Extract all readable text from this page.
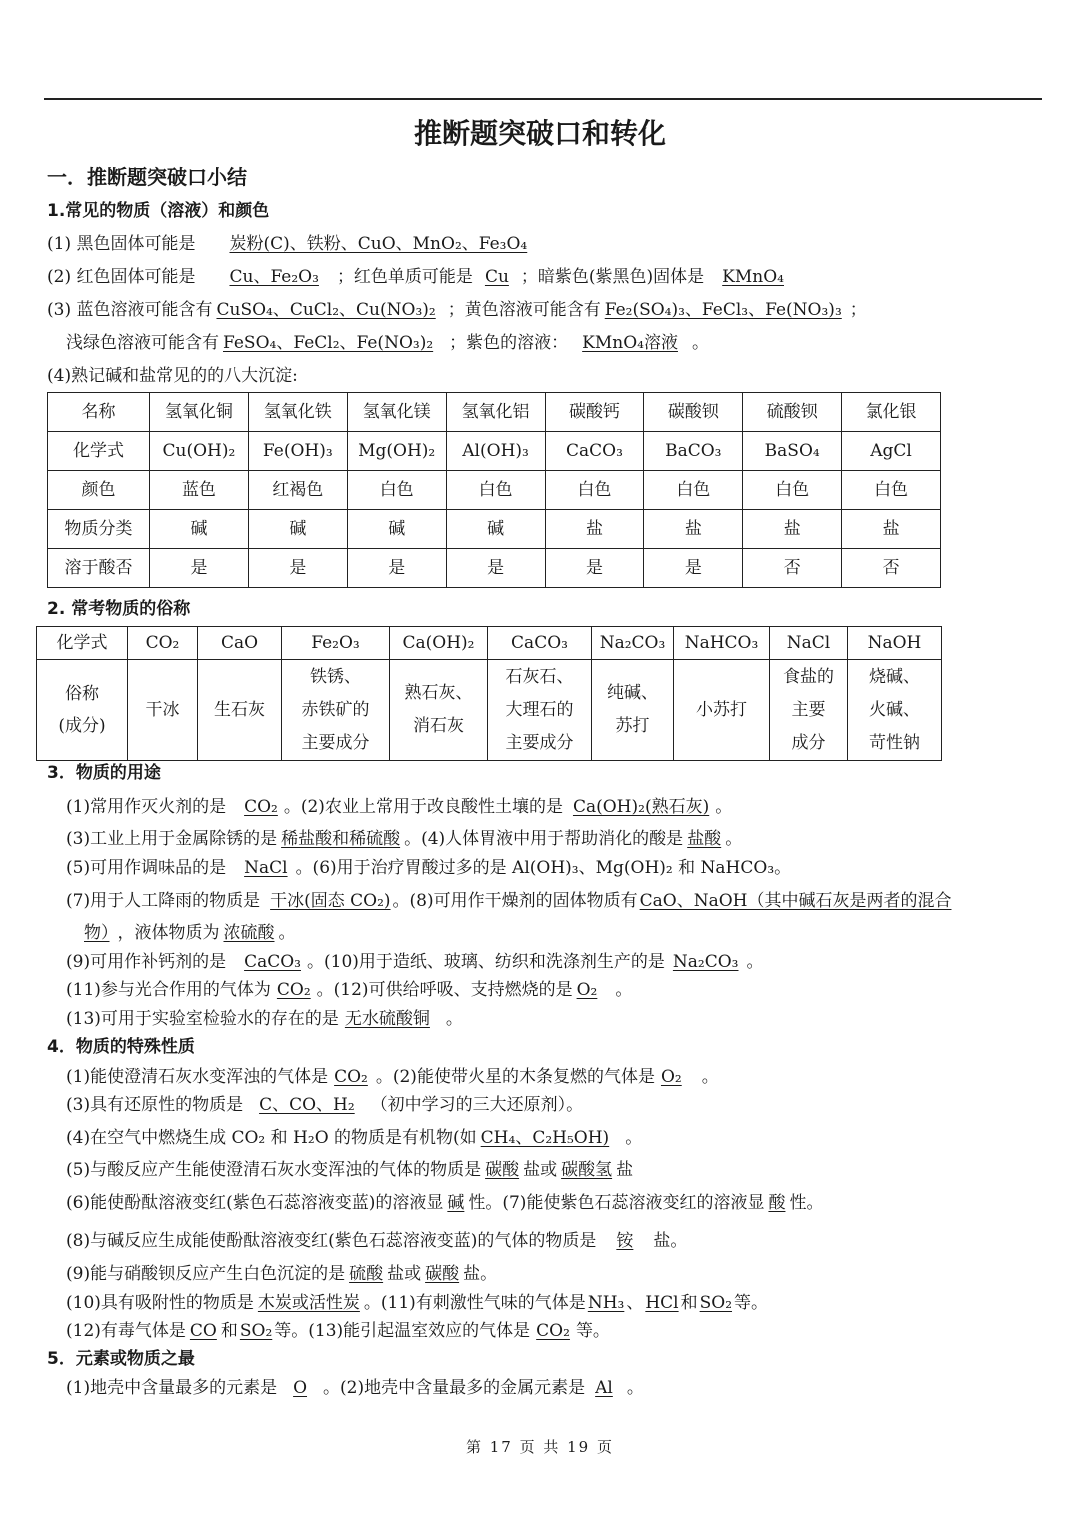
推断题突破口和转化
一．推断题突破口小结
1.常见的物质（溶液）和颜色
(1) 黑色固体可能是 炭粉(C)、铁粉、CuO、MnO₂、Fe₃O₄
(2) 红色固体可能是 Cu、Fe₂O₃ ；红色单质可能是 Cu ；暗紫色(紫黑色)固体是 KMnO₄
(3) 蓝色溶液可能含有 CuSO₄、CuCl₂、Cu(NO₃)₂ ；黄色溶液可能含有 Fe₂(SO₄)₃、FeCl₃、Fe(NO₃)₃ ；
浅绿色溶液可能含有 FeSO₄、FeCl₂、Fe(NO₃)₂ ；紫色的溶液： KMnO₄溶液 。
(4)熟记碱和盐常见的的八大沉淀:
名称	氢氧化铜	氢氧化铁	氢氧化镁	氢氧化铝	碳酸钙	碳酸钡	硫酸钡	氯化银
化学式	Cu(OH)₂	Fe(OH)₃	Mg(OH)₂	Al(OH)₃	CaCO₃	BaCO₃	BaSO₄	AgCl
颜色	蓝色	红褐色	白色	白色	白色	白色	白色	白色
物质分类	碱	碱	碱	碱	盐	盐	盐	盐
溶于酸否	是	是	是	是	是	是	否	否
2. 常考物质的俗称
化学式	CO₂	CaO	Fe₂O₃	Ca(OH)₂	CaCO₃	Na₂CO₃	NaHCO₃	NaCl	NaOH
俗称
(成分)	干冰	生石灰	铁锈、
赤铁矿的
主要成分	熟石灰、
消石灰	石灰石、
大理石的
主要成分	纯碱、
苏打	小苏打	食盐的
主要
成分	烧碱、
火碱、
苛性钠
3．物质的用途
(1)常用作灭火剂的是 CO₂ 。(2)农业上常用于改良酸性土壤的是 Ca(OH)₂(熟石灰) 。
(3)工业上用于金属除锈的是 稀盐酸和稀硫酸 。(4)人体胃液中用于帮助消化的酸是 盐酸 。
(5)可用作调味品的是 NaCl 。(6)用于治疗胃酸过多的是 Al(OH)₃、Mg(OH)₂ 和 NaHCO₃。
(7)用于人工降雨的物质是 干冰(固态 CO₂) 。(8)可用作干燥剂的固体物质有 CaO、NaOH（其中碱石灰是两者的混合
物） ，液体物质为 浓硫酸 。
(9)可用作补钙剂的是 CaCO₃ 。(10)用于造纸、玻璃、纺织和洗涤剂生产的是 Na₂CO₃ 。
(11)参与光合作用的气体为 CO₂ 。(12)可供给呼吸、支持燃烧的是 O₂ 。
(13)可用于实验室检验水的存在的是 无水硫酸铜 。
4．物质的特殊性质
(1)能使澄清石灰水变浑浊的气体是 CO₂ 。(2)能使带火星的木条复燃的气体是 O₂ 。
(3)具有还原性的物质是 C、CO、H₂ （初中学习的三大还原剂）。
(4)在空气中燃烧生成 CO₂ 和 H₂O 的物质是有机物(如 CH₄、C₂H₅OH) 。
(5)与酸反应产生能使澄清石灰水变浑浊的气体的物质是 碳酸 盐或 碳酸氢 盐
(6)能使酚酞溶液变红(紫色石蕊溶液变蓝)的溶液显 碱 性。(7)能使紫色石蕊溶液变红的溶液显 酸 性。
(8)与碱反应生成能使酚酞溶液变红(紫色石蕊溶液变蓝)的气体的物质是 铵 盐。
(9)能与硝酸钡反应产生白色沉淀的是 硫酸 盐或 碳酸 盐。
(10)具有吸附性的物质是 木炭或活性炭 。(11)有刺激性气味的气体是 NH₃ 、 HCl 和 SO₂ 等。
(12)有毒气体是 CO 和 SO₂ 等。(13)能引起温室效应的气体是 CO₂ 等。
5．元素或物质之最
(1)地壳中含量最多的元素是 O 。(2)地壳中含量最多的金属元素是 Al 。
第 17 页 共 19 页
